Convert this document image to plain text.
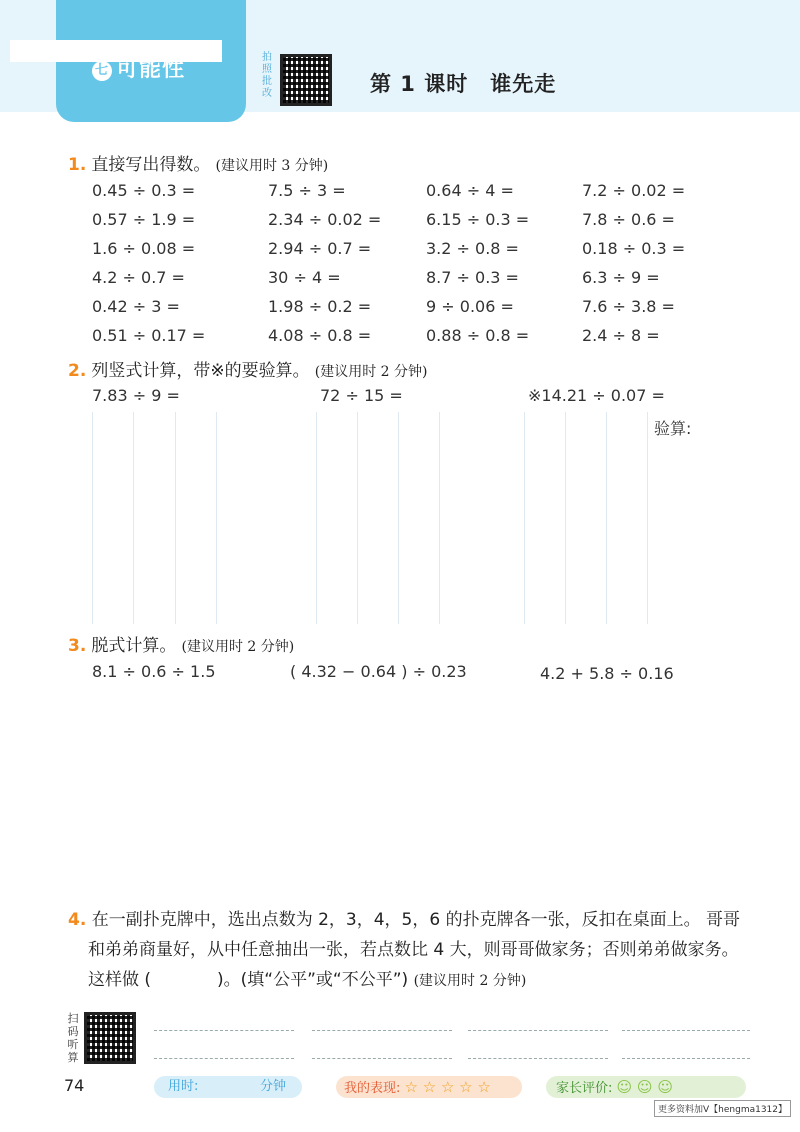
七 可能性	拍
照
批
改	第 1 课时　谁先走
1. 直接写出得数。 (建议用时 3 分钟)
0.45 ÷ 0.3 =	7.5 ÷ 3 =	0.64 ÷ 4 =	7.2 ÷ 0.02 =
0.57 ÷ 1.9 =	2.34 ÷ 0.02 =	6.15 ÷ 0.3 =	7.8 ÷ 0.6 =
1.6 ÷ 0.08 =	2.94 ÷ 0.7 =	3.2 ÷ 0.8 =	0.18 ÷ 0.3 =
4.2 ÷ 0.7 =	30 ÷ 4 =	8.7 ÷ 0.3 =	6.3 ÷ 9 =
0.42 ÷ 3 =	1.98 ÷ 0.2 =	9 ÷ 0.06 =	7.6 ÷ 3.8 =
0.51 ÷ 0.17 =	4.08 ÷ 0.8 =	0.88 ÷ 0.8 =	2.4 ÷ 8 =
2. 列竖式计算，带※的要验算。 (建议用时 2 分钟)
7.83 ÷ 9 =	72 ÷ 15 =	※14.21 ÷ 0.07 =
验算:
3. 脱式计算。 (建议用时 2 分钟)
8.1 ÷ 0.6 ÷ 1.5	( 4.32 − 0.64 ) ÷ 0.23	4.2 + 5.8 ÷ 0.16
4. 在一副扑克牌中，选出点数为 2，3，4，5，6 的扑克牌各一张，反扣在桌面上。 哥哥
和弟弟商量好，从中任意抽出一张，若点数比 4 大，则哥哥做家务；否则弟弟做家务。
这样做 (	)。(填“公平”或“不公平”) (建议用时 2 分钟)
扫
码
听
算
74	用时:	分钟	我的表现: ☆ ☆ ☆ ☆ ☆	家长评价: ☺ ☺ ☺
更多资料加V【hengma1312】
